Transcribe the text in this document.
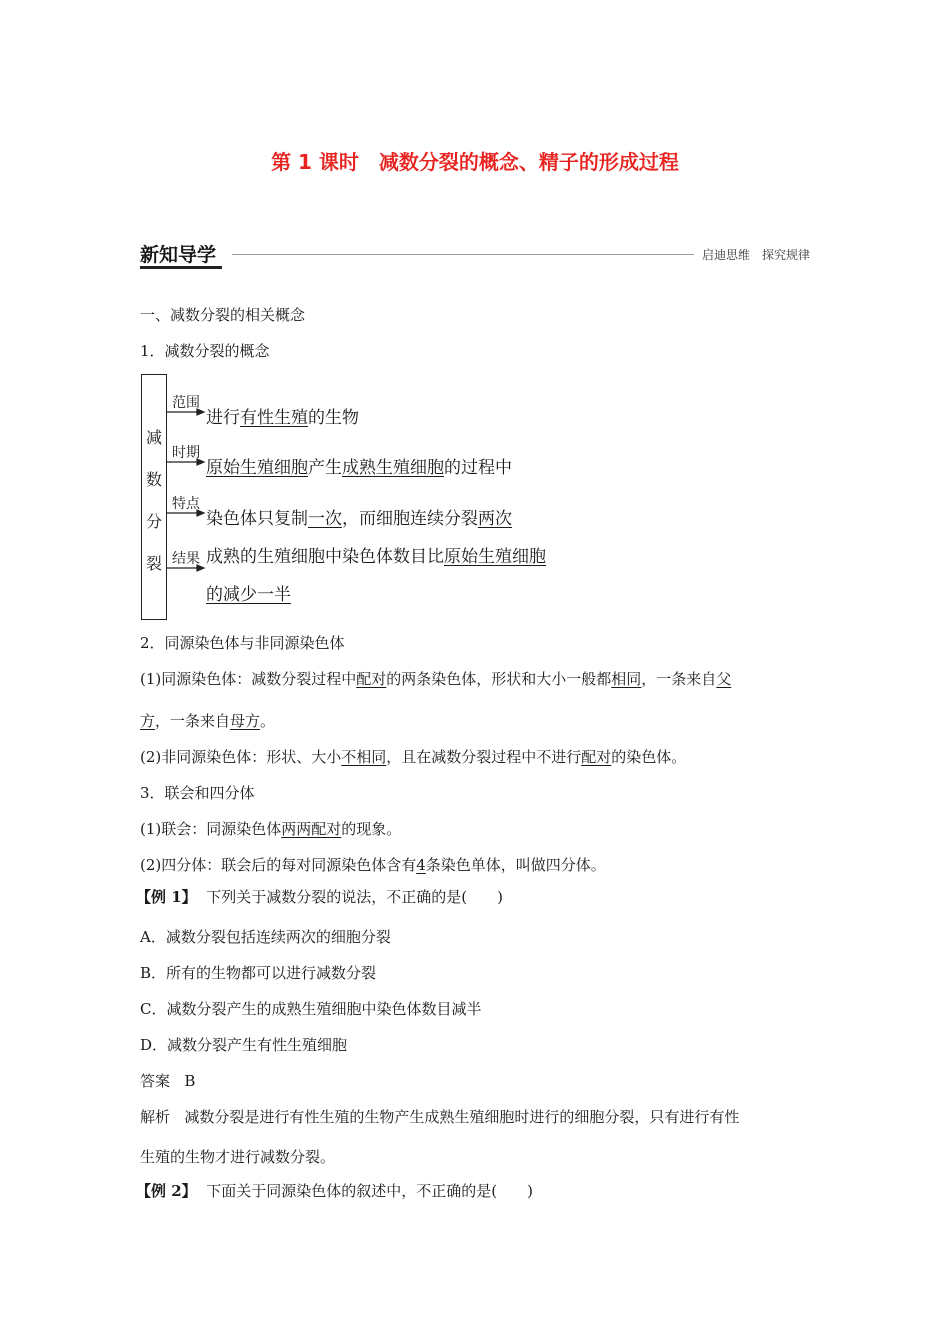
第 1 课时　减数分裂的概念、精子的形成过程
新知导学	启迪思维　探究规律
一、减数分裂的相关概念
1．减数分裂的概念
减
数
分
裂
范围
进行有性生殖的生物
时期
原始生殖细胞产生成熟生殖细胞的过程中
特点
染色体只复制一次，而细胞连续分裂两次
结果 成熟的生殖细胞中染色体数目比原始生殖细胞
的减少一半
2．同源染色体与非同源染色体
(1)同源染色体：减数分裂过程中配对的两条染色体，形状和大小一般都相同，一条来自父
方，一条来自母方。
(2)非同源染色体：形状、大小不相同，且在减数分裂过程中不进行配对的染色体。
3．联会和四分体
(1)联会：同源染色体两两配对的现象。
(2)四分体：联会后的每对同源染色体含有4条染色单体，叫做四分体。
【例 1】 下列关于减数分裂的说法，不正确的是(　　)
A．减数分裂包括连续两次的细胞分裂
B．所有的生物都可以进行减数分裂
C．减数分裂产生的成熟生殖细胞中染色体数目减半
D．减数分裂产生有性生殖细胞
答案 B
解析 减数分裂是进行有性生殖的生物产生成熟生殖细胞时进行的细胞分裂，只有进行有性
生殖的生物才进行减数分裂。
【例 2】 下面关于同源染色体的叙述中，不正确的是(　　)
